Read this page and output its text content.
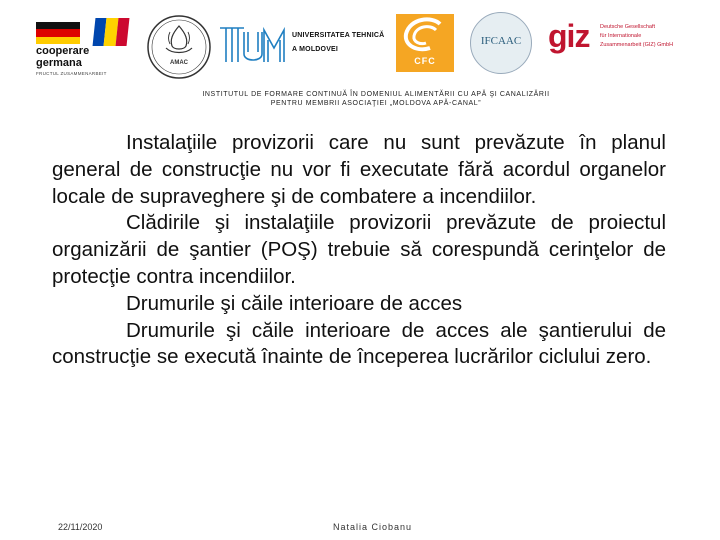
cooperare
germana
FRUCTUL ZUSAMMENARBEIT
AMAC
UNIVERSITATEA TEHNICĂ
A MOLDOVEI
CFC
IFCAAC giz Deutsche Gesellschaft
für Internationale
Zusammenarbeit (GIZ) GmbH
INSTITUTUL DE FORMARE CONTINUĂ ÎN DOMENIUL ALIMENTĂRII CU APĂ ŞI CANALIZĂRII
PENTRU MEMBRII ASOCIAŢIEI „MOLDOVA APĂ-CANAL”

Instalaţiile provizorii care nu sunt prevăzute în planul general de construcţie nu vor fi executate fără acordul organelor locale de supraveghere şi de combatere a incendiilor.

Clădirile şi instalaţiile provizorii prevăzute de proiectul organizării de şantier (POŞ) trebuie să corespundă cerinţelor de protecţie contra incendiilor.

Drumurile şi căile interioare de acces

Drumurile şi căile interioare de acces ale şantierului de construcţie se execută înainte de începerea lucrărilor ciclului zero.

22/11/2020	Natalia Ciobanu
